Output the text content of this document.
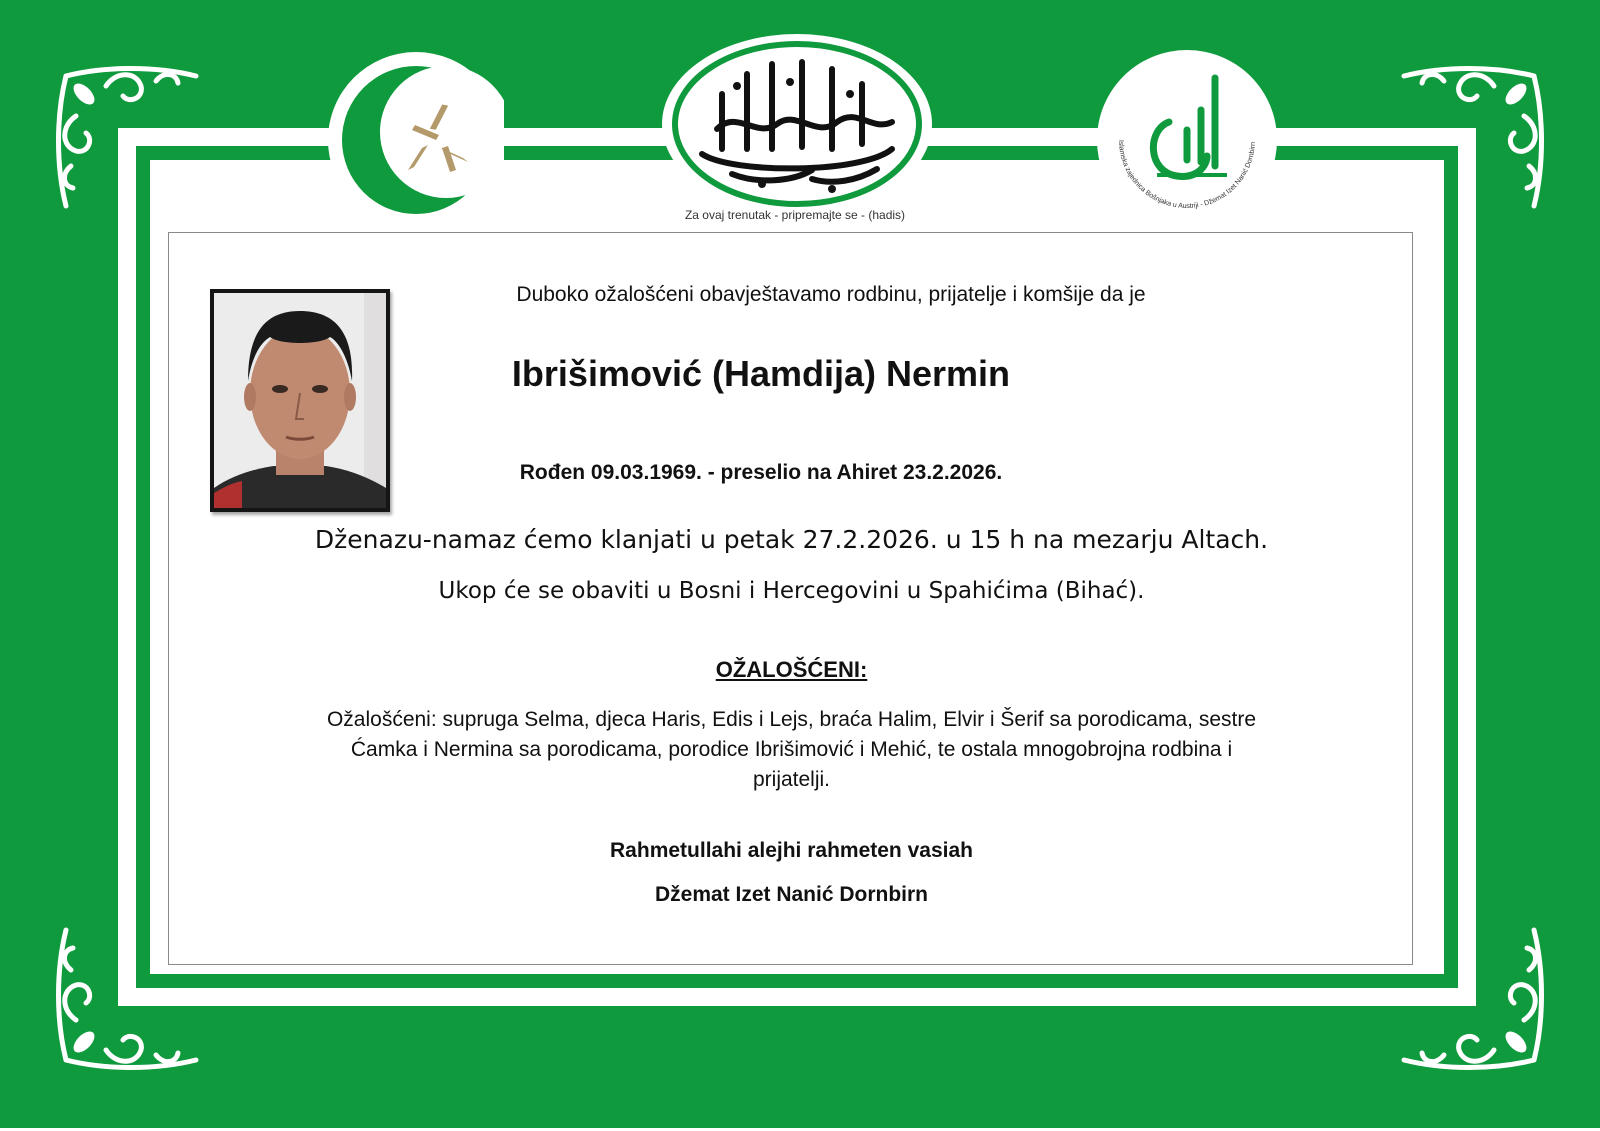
Za ovaj trenutak - pripremajte se - (hadis)
Islamska zajednica Bošnjaka u Austriji - Džemat Izet Nanić Dornbirn
Duboko ožalošćeni obavještavamo rodbinu, prijatelje i komšije da je
Ibrišimović (Hamdija) Nermin
Rođen 09.03.1969. - preselio na Ahiret 23.2.2026.
Dženazu-namaz ćemo klanjati u petak 27.2.2026. u 15 h na mezarju Altach.
Ukop će se obaviti u Bosni i Hercegovini u Spahićima (Bihać).
OŽALOŠĆENI:
Ožalošćeni: supruga Selma, djeca Haris, Edis i Lejs, braća Halim, Elvir i Šerif sa porodicama, sestre
Ćamka i Nermina sa porodicama, porodice Ibrišimović i Mehić, te ostala mnogobrojna rodbina i
prijatelji.
Rahmetullahi alejhi rahmeten vasiah
Džemat Izet Nanić Dornbirn
